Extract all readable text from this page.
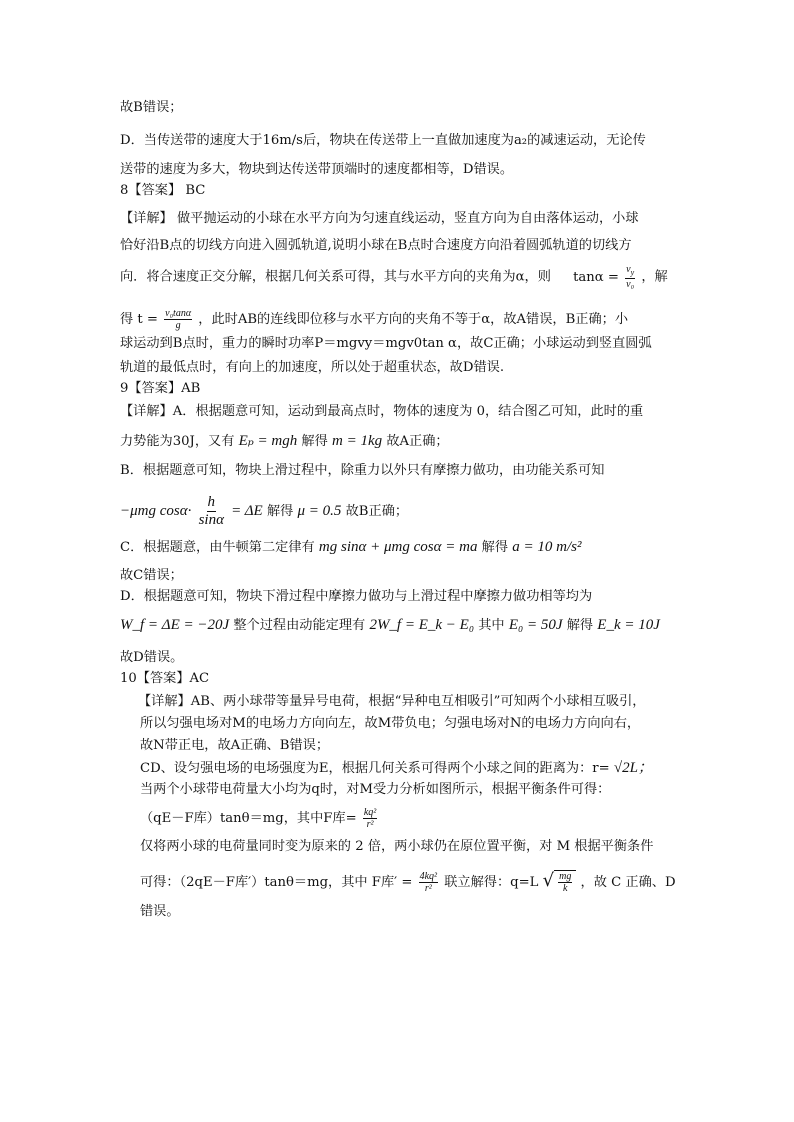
故B错误；
D．当传送带的速度大于16m/s后，物块在传送带上一直做加速度为a₂的减速运动，无论传
送带的速度为多大，物块到达传送带顶端时的速度都相等，D错误。
8【答案】 BC
【详解】 做平抛运动的小球在水平方向为匀速直线运动，竖直方向为自由落体运动，小球
恰好沿B点的切线方向进入圆弧轨道,说明小球在B点时合速度方向沿着圆弧轨道的切线方
向．将合速度正交分解，根据几何关系可得，其与水平方向的夹角为α，则 $\tan\alpha = \frac{v_y}{\text{v₀}}$ ，解
得 $t = \frac{\text{v₀tanα}}{g}$ ，此时AB的连线即位移与水平方向的夹角不等于α，故A错误，B正确；小
球运动到B点时，重力的瞬时功率P＝mgvy＝mgv0tan α，故C正确；小球运动到竖直圆弧
轨道的最低点时，有向上的加速度，所以处于超重状态，故D错误.
9【答案】AB
【详解】A．根据题意可知，运动到最高点时，物体的速度为 0，结合图乙可知，此时的重
力势能为30J，又有 Eₚ = mgh 解得 m = 1kg 故A正确；
B．根据题意可知，物块上滑过程中，除重力以外只有摩擦力做功，由功能关系可知
−μmg $\cos\alpha\cdot \frac{h}{\sin\alpha} = \Delta E$ 解得 μ = 0.5 故B正确；
C．根据题意，由牛顿第二定律有 mg sinα + μmg cosα = ma 解得 a = 10 m/s²
故C错误；
D．根据题意可知，物块下滑过程中摩擦力做功与上滑过程中摩擦力做功相等均为
W_f = ΔE = −20J 整个过程由动能定理有 2W_f = E_k − E₀ 其中 E₀ = 50J 解得 E_k = 10J
故D错误。
10【答案】AC
【详解】AB、两小球带等量异号电荷，根据“异种电互相吸引”可知两个小球相互吸引，
所以匀强电场对M的电场力方向向左，故M带负电；匀强电场对N的电场力方向向右，
故N带正电，故A正确、B错误；
CD、设匀强电场的电场强度为E，根据几何关系可得两个小球之间的距离为：r= √2L；
当两个小球带电荷量大小均为q时，对M受力分析如图所示，根据平衡条件可得：
（qE－F库）tanθ＝mg，其中F库= $\frac{\text{kq²}}{\text{r²}}$
仅将两小球的电荷量同时变为原来的 2 倍，两小球仍在原位置平衡，对 M 根据平衡条件
可得：（2qE－F库′）tanθ＝mg，其中 F库′ = $\frac{\text{4kq²}}{\text{r²}}$ 联立解得：q=L √ $\frac{mg}{k}$ ，故 C 正确、D
错误。
